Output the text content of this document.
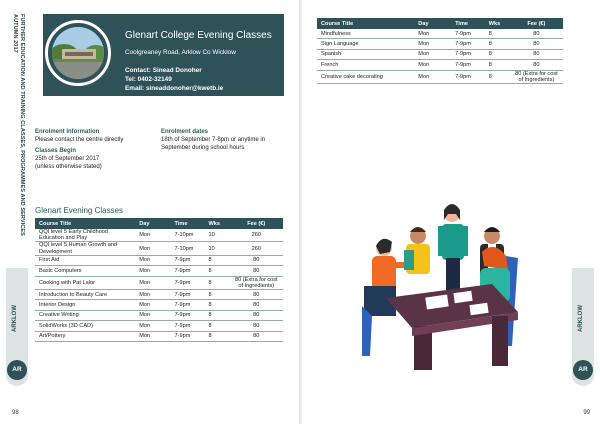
FURTHER EDUCATION AND TRAINING CLASSES, PROGRAMMES AND SERVICES
AUTUMN 2017	Glenart College Evening Classes
Coolgreaney Road, Arklow Co Wicklow
Contact: Sinead Donoher
Tel: 0402-32149
Email: sineaddonoher@kwetb.ie
Enrolment Information
Please contact the centre directly
Classes Begin
25th of September 2017
(unless otherwise stated)
Enrolment dates
18th of September 7-8pm or anytime in
September during school hours
Glenart Evening Classes
Course Title	Day	Time	Wks	Fee (€)
QQI level 5 Early Childhood Education and Play	Mon	7-10pm	10	260
QQI level 5 Human Growth and Development	Mon	7-10pm	10	260
First Aid	Mon	7-9pm	8	80
Basic Computers	Mon	7-9pm	8	80
Cooking with Pat Lalor	Mon	7-9pm	8	80 (Extra for cost of Ingredients)
Introduction to Beauty Care	Mon	7-9pm	8	80
Interior Design	Mon	7-9pm	8	80
Creative Writing	Mon	7-9pm	8	80
SolidWorks (3D CAD)	Mon	7-9pm	8	80
Art/Pottery	Mon	7-9pm	8	80
ARKLOW
AR
98
Course Title	Day	Time	Wks	Fee (€)
Mindfulness	Mon	7-9pm	8	80
Sign Language	Mon	7-9pm	8	80
Spanish	Mon	7-9pm	8	80
French	Mon	7-9pm	8	80
Creative cake decorating	Mon	7-9pm	8	80 (Extra for cost of Ingredients)
ARKLOW
AR
99
